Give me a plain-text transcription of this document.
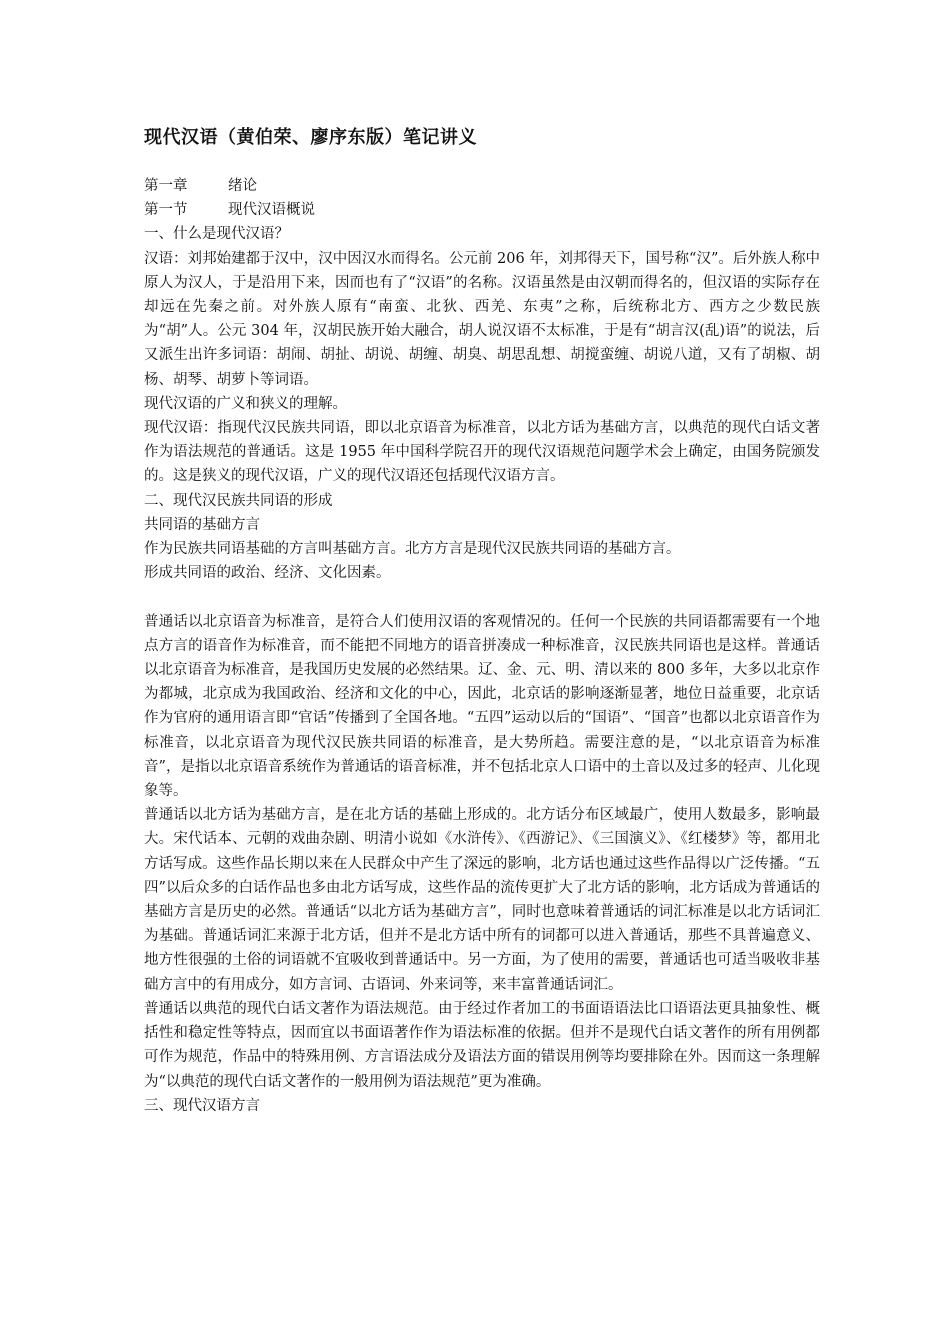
现代汉语（黄伯荣、廖序东版）笔记讲义
第一章	绪论
第一节	现代汉语概说
一、什么是现代汉语？

汉语：刘邦始建都于汉中，汉中因汉水而得名。公元前 206 年，刘邦得天下，国号称“汉”。后外族人称中原人为汉人，于是沿用下来，因而也有了“汉语”的名称。汉语虽然是由汉朝而得名的，但汉语的实际存在却远在先秦之前。对外族人原有“南蛮、北狄、西羌、东夷”之称，后统称北方、西方之少数民族为“胡”人。公元 304 年，汉胡民族开始大融合，胡人说汉语不太标准，于是有“胡言汉(乱)语”的说法，后又派生出许多词语：胡闹、胡扯、胡说、胡缠、胡臭、胡思乱想、胡搅蛮缠、胡说八道，又有了胡椒、胡杨、胡琴、胡萝卜等词语。

现代汉语的广义和狭义的理解。

现代汉语：指现代汉民族共同语，即以北京语音为标准音，以北方话为基础方言，以典范的现代白话文著作为语法规范的普通话。这是 1955 年中国科学院召开的现代汉语规范问题学术会上确定，由国务院颁发的。这是狭义的现代汉语，广义的现代汉语还包括现代汉语方言。

二、现代汉民族共同语的形成
共同语的基础方言
作为民族共同语基础的方言叫基础方言。北方方言是现代汉民族共同语的基础方言。
形成共同语的政治、经济、文化因素。

普通话以北京语音为标准音，是符合人们使用汉语的客观情况的。任何一个民族的共同语都需要有一个地点方言的语音作为标准音，而不能把不同地方的语音拼凑成一种标准音，汉民族共同语也是这样。普通话以北京语音为标准音，是我国历史发展的必然结果。辽、金、元、明、清以来的 800 多年，大多以北京作为都城，北京成为我国政治、经济和文化的中心，因此，北京话的影响逐渐显著，地位日益重要，北京话作为官府的通用语言即“官话”传播到了全国各地。“五四”运动以后的“国语”、“国音”也都以北京语音作为标准音，以北京语音为现代汉民族共同语的标准音，是大势所趋。需要注意的是，“以北京语音为标准音”，是指以北京语音系统作为普通话的语音标准，并不包括北京人口语中的土音以及过多的轻声、儿化现象等。

普通话以北方话为基础方言，是在北方话的基础上形成的。北方话分布区域最广，使用人数最多，影响最大。宋代话本、元朝的戏曲杂剧、明清小说如《水浒传》、《西游记》、《三国演义》、《红楼梦》等，都用北方话写成。这些作品长期以来在人民群众中产生了深远的影响，北方话也通过这些作品得以广泛传播。“五四”以后众多的白话作品也多由北方话写成，这些作品的流传更扩大了北方话的影响，北方话成为普通话的基础方言是历史的必然。普通话“以北方话为基础方言”，同时也意味着普通话的词汇标准是以北方话词汇为基础。普通话词汇来源于北方话，但并不是北方话中所有的词都可以进入普通话，那些不具普遍意义、地方性很强的土俗的词语就不宜吸收到普通话中。另一方面，为了使用的需要，普通话也可适当吸收非基础方言中的有用成分，如方言词、古语词、外来词等，来丰富普通话词汇。

普通话以典范的现代白话文著作为语法规范。由于经过作者加工的书面语语法比口语语法更具抽象性、概括性和稳定性等特点，因而宜以书面语著作作为语法标准的依据。但并不是现代白话文著作的所有用例都可作为规范，作品中的特殊用例、方言语法成分及语法方面的错误用例等均要排除在外。因而这一条理解为“以典范的现代白话文著作的一般用例为语法规范”更为准确。

三、现代汉语方言
